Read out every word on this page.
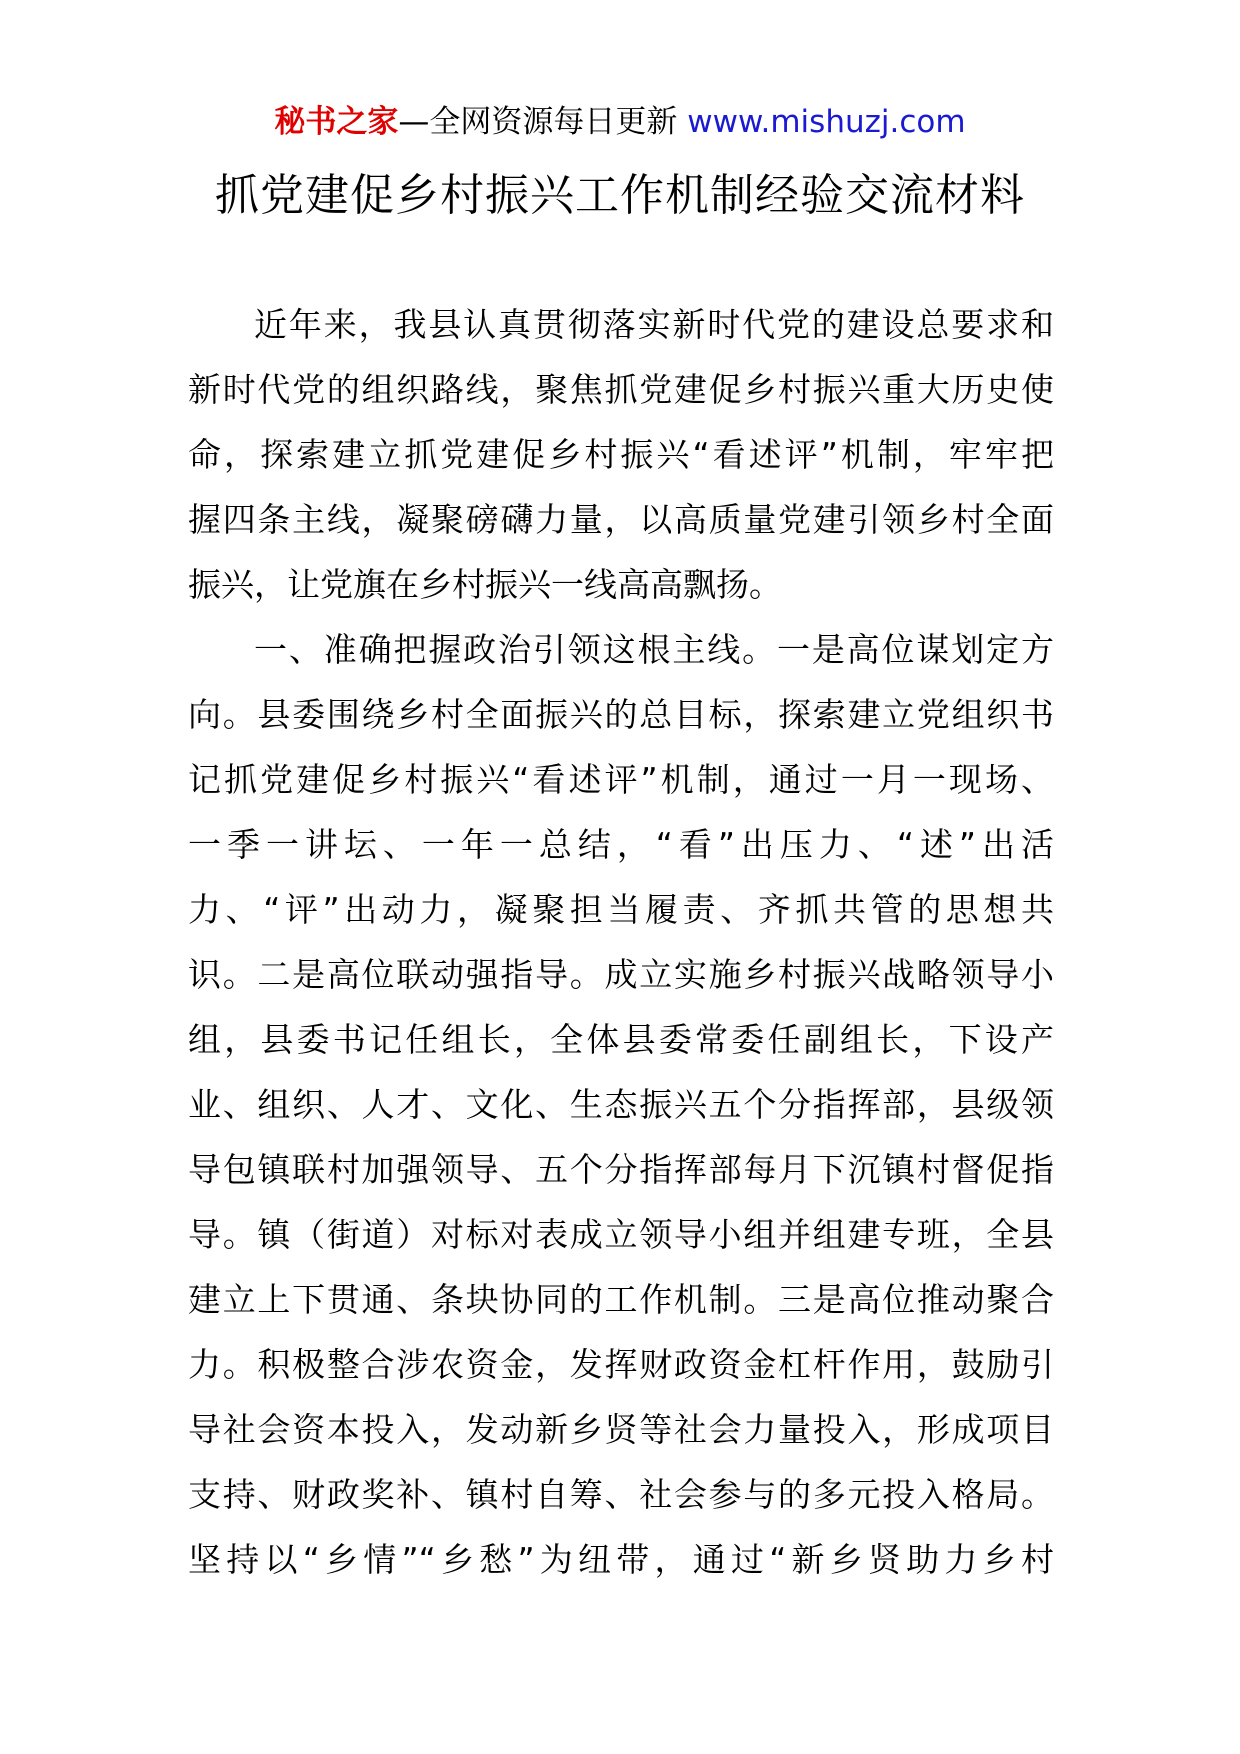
秘书之家—全网资源每日更新 www.mishuzj.com
抓党建促乡村振兴工作机制经验交流材料
近年来，我县认真贯彻落实新时代党的建设总要求和
新时代党的组织路线，聚焦抓党建促乡村振兴重大历史使
命，探索建立抓党建促乡村振兴“看述评”机制，牢牢把
握四条主线，凝聚磅礴力量，以高质量党建引领乡村全面
振兴，让党旗在乡村振兴一线高高飘扬。
一、准确把握政治引领这根主线。一是高位谋划定方
向。县委围绕乡村全面振兴的总目标，探索建立党组织书
记抓党建促乡村振兴“看述评”机制，通过一月一现场、
一季一讲坛、一年一总结，“看”出压力、“述”出活
力、“评”出动力，凝聚担当履责、齐抓共管的思想共
识。二是高位联动强指导。成立实施乡村振兴战略领导小
组，县委书记任组长，全体县委常委任副组长，下设产
业、组织、人才、文化、生态振兴五个分指挥部，县级领
导包镇联村加强领导、五个分指挥部每月下沉镇村督促指
导。镇（街道）对标对表成立领导小组并组建专班，全县
建立上下贯通、条块协同的工作机制。三是高位推动聚合
力。积极整合涉农资金，发挥财政资金杠杆作用，鼓励引
导社会资本投入，发动新乡贤等社会力量投入，形成项目
支持、财政奖补、镇村自筹、社会参与的多元投入格局。
坚持以“乡情”“乡愁”为纽带，通过“新乡贤助力乡村
